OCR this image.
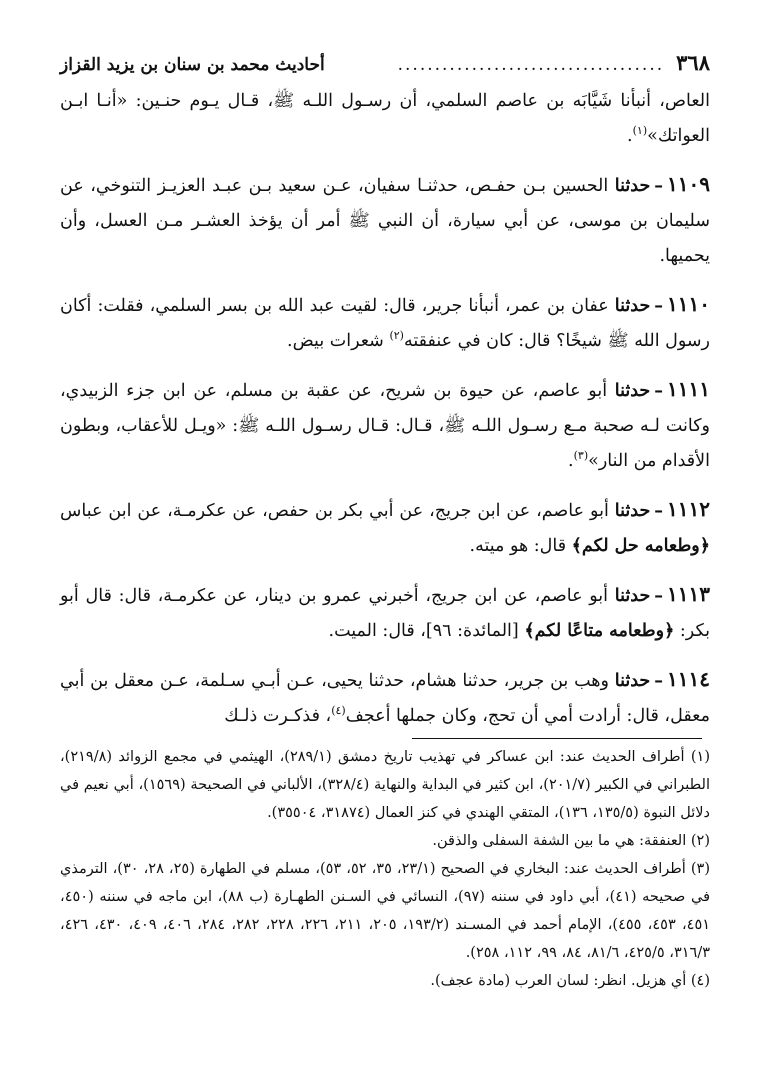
٣٦٨
....................................
أحاديث محمد بن سنان بن يزيد القزاز

العاص، أنبأنا شَيَّابَه بن عاصم السلمي، أن رسـول اللـه ﷺ، قـال يـوم حنـين: «أنـا ابـن العواتك»$^{(١)}$.

١١٠٩–حدثنا الحسين بـن حفـص، حدثنـا سفيان، عـن سعيد بـن عبـد العزيـز التنوخي، عن سليمان بن موسى، عن أبي سيارة، أن النبي ﷺ أمر أن يؤخذ العشـر مـن العسل، وأن يحميها.

١١١٠–حدثنا عفان بن عمر، أنبأنا جرير، قال: لقيت عبد الله بن بسر السلمي، فقلت: أكان رسول الله ﷺ شيخًا؟ قال: كان في عنفقته$^{(٢)}$ شعرات بيض.

١١١١–حدثنا أبو عاصم، عن حيوة بن شريح، عن عقبة بن مسلم، عن ابن جزء الزبيدي، وكانت لـه صحبة مـع رسـول اللـه ﷺ، قـال: قـال رسـول اللـه ﷺ: «ويـل للأعقاب، وبطون الأقدام من النار»$^{(٣)}$.

١١١٢–حدثنا أبو عاصم، عن ابن جريج، عن أبي بكر بن حفص، عن عكرمـة، عن ابن عباس ﴿وطعامه حل لكم﴾ قال: هو ميته.

١١١٣–حدثنا أبو عاصم، عن ابن جريج، أخبرني عمرو بن دينار، عن عكرمـة، قال: قال أبو بكر: ﴿وطعامه متاعًا لكم﴾ [المائدة: ٩٦]، قال: الميت.

١١١٤–حدثنا وهب بن جرير، حدثنا هشام، حدثنا يحيى، عـن أبـي سـلمة، عـن معقل بن أبي معقل، قال: أرادت أمي أن تحج، وكان جملها أعجف$^{(٤)}$، فذكـرت ذلـك

(١) أطراف الحديث عند: ابن عساكر في تهذيب تاريخ دمشق (٢٨٩/١)، الهيثمي في مجمع الزوائد (٢١٩/٨)، الطبراني في الكبير (٢٠١/٧)، ابن كثير في البداية والنهاية (٣٢٨/٤)، الألباني في الصحيحة (١٥٦٩)، أبي نعيم في دلائل النبوة (١٣٥/٥، ١٣٦)، المتقي الهندي في كنز العمال (٣١٨٧٤، ٣٥٥٠٤).

(٢) العنفقة: هي ما بين الشفة السفلى والذقن.

(٣) أطراف الحديث عند: البخاري في الصحيح (٢٣/١، ٣٥، ٥٢، ٥٣)، مسلم في الطهارة (٢٥، ٢٨، ٣٠)، الترمذي في صحيحه (٤١)، أبي داود في سننه (٩٧)، النسائي في السـنن الطهـارة (ب ٨٨)، ابن ماجه في سننه (٤٥٠، ٤٥١، ٤٥٣، ٤٥٥)، الإمام أحمد في المسـند (١٩٣/٢، ٢٠٥، ٢١١، ٢٢٦، ٢٢٨، ٢٨٢، ٢٨٤، ٤٠٦، ٤٠٩، ٤٣٠، ٤٢٦، ٣١٦/٣، ٤٢٥/٥، ٨١/٦، ٨٤، ٩٩، ١١٢، ٢٥٨).

(٤) أي هزيل. انظر: لسان العرب (مادة عجف).
